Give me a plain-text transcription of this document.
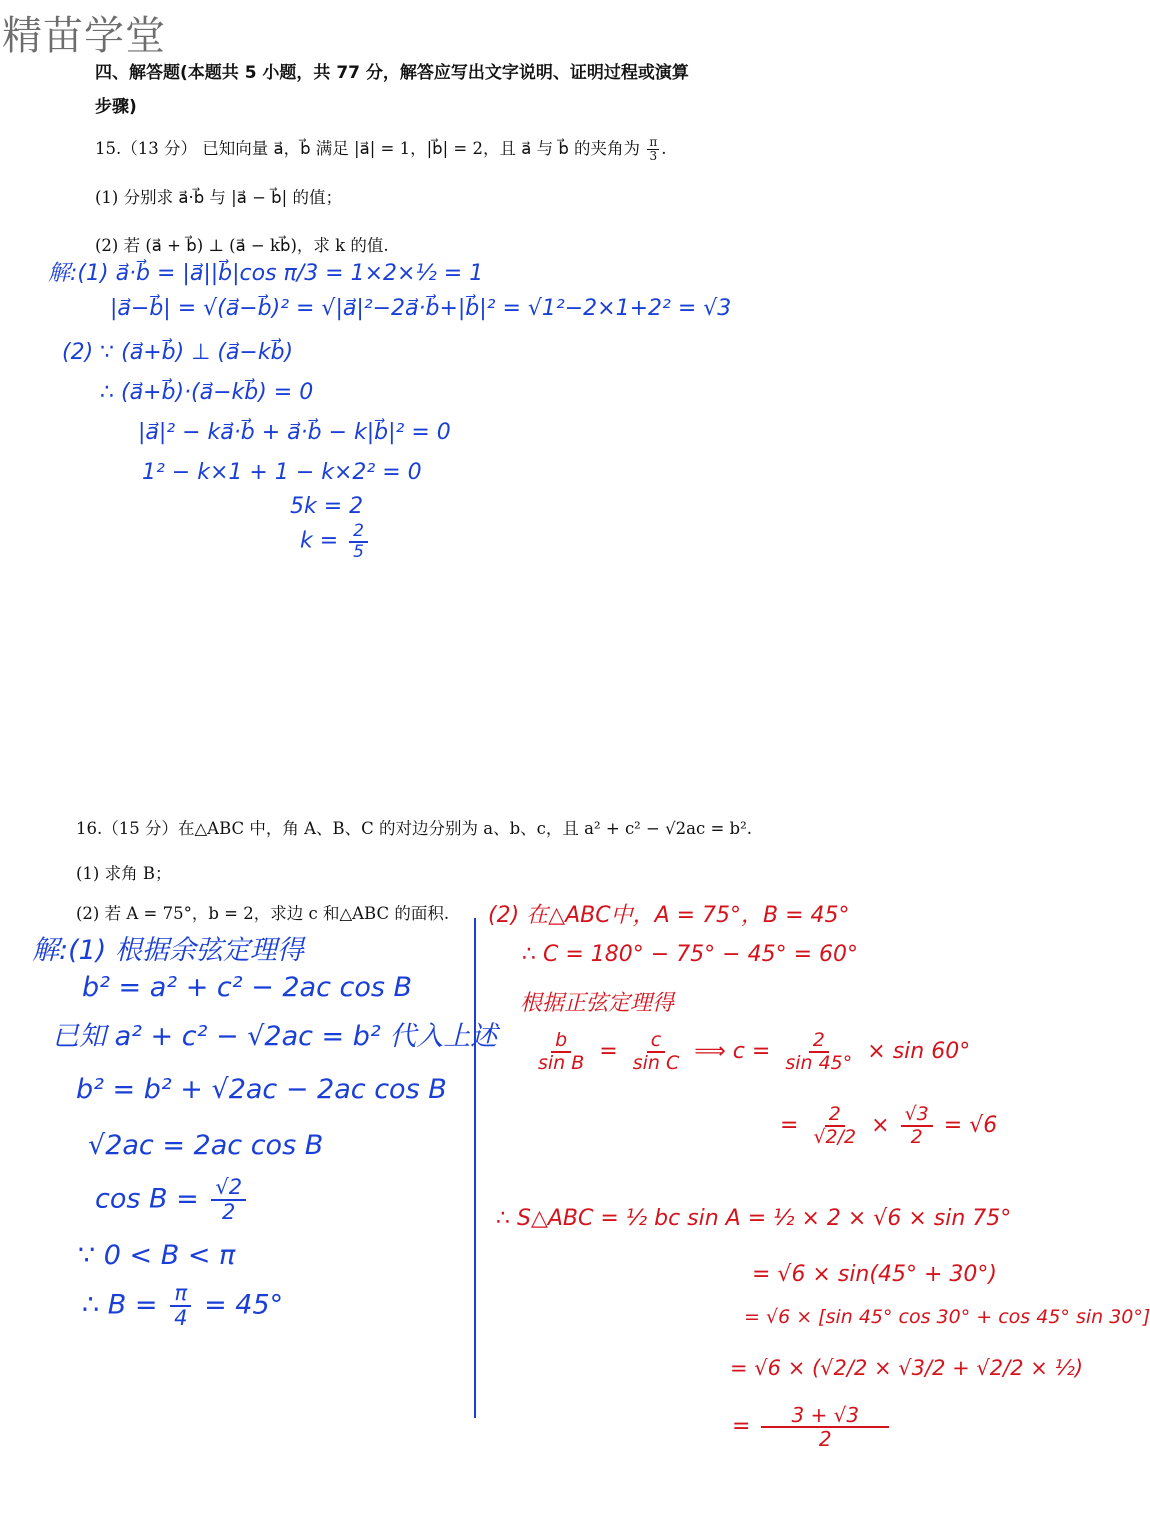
精苗学堂
四、解答题(本题共 5 小题，共 77 分，解答应写出文字说明、证明过程或演算
步骤)
15.（13 分） 已知向量 a⃗，b⃗ 满足 |a⃗| = 1，|b⃗| = 2，且 a⃗ 与 b⃗ 的夹角为 $\frac{\pi}{3}$ .
(1) 分别求 a⃗·b⃗ 与 |a⃗ − b⃗| 的值；
(2) 若 (a⃗ + b⃗) ⊥ (a⃗ − kb⃗)，求 k 的值.
解:(1) a⃗·b⃗ = |a⃗||b⃗|cos π/3 = 1×2×½ = 1
|a⃗−b⃗| = √(a⃗−b⃗)² = √|a⃗|²−2a⃗·b⃗+|b⃗|² = √1²−2×1+2² = √3
(2) ∵ (a⃗+b⃗) ⊥ (a⃗−kb⃗)
∴ (a⃗+b⃗)·(a⃗−kb⃗) = 0
|a⃗|² − ka⃗·b⃗ + a⃗·b⃗ − k|b⃗|² = 0
1² − k×1 + 1 − k×2² = 0
5k = 2
$k = \frac{2}{5}$
16.（15 分）在△ABC 中，角 A、B、C 的对边分别为 a、b、c，且 a² + c² − √2ac = b².
(1) 求角 B；
(2) 若 A = 75°，b = 2，求边 c 和△ABC 的面积.
解:(1) 根据余弦定理得
b² = a² + c² − 2ac cos B
已知 a² + c² − √2ac = b² 代入上述
b² = b² + √2ac − 2ac cos B
√2ac = 2ac cos B
$\cos B = \frac{√2}{2}$
∵ 0 < B < π
∴ $B = \frac{\pi}{4} = 45^\circ$
(2) 在△ABC中，A = 75°，B = 45°
∴ C = 180° − 75° − 45° = 60°
根据正弦定理得
$\frac{b}{\text{sin B}} = \frac{c}{\text{sin C}}$ ⟹ $c = \frac{2}{\sin 45^\circ} \times \sin 60^\circ$
= $\frac{2}{√2/2} \times \frac{√3}{2} = √6$
∴ S△ABC = ½ bc sin A = ½ × 2 × √6 × sin 75°
= √6 × sin(45° + 30°)
= √6 × [sin 45° cos 30° + cos 45° sin 30°]
= √6 × (√2/2 × √3/2 + √2/2 × ½)
= $\frac{3 + √3}{2}$
